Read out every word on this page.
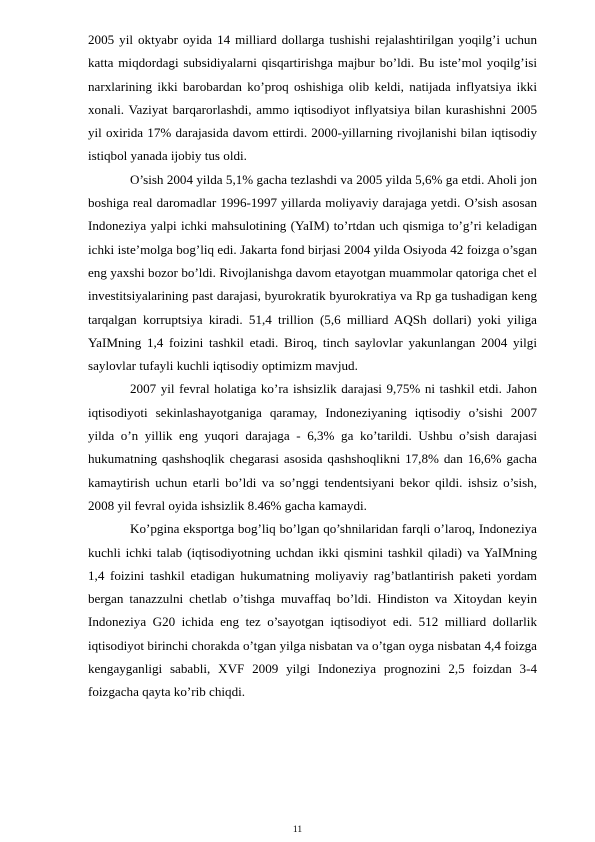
2005 yil oktyabr oyida 14 milliard dollarga tushishi rejalashtirilgan yoqilg’i uchun katta miqdordagi subsidiyalarni qisqartirishga majbur bo’ldi. Bu iste’mol yoqilg’isi narxlarining ikki barobardan ko’proq oshishiga olib keldi, natijada inflyatsiya ikki xonali. Vaziyat barqarorlashdi, ammo iqtisodiyot inflyatsiya bilan kurashishni 2005 yil oxirida 17% darajasida davom ettirdi. 2000-yillarning rivojlanishi bilan iqtisodiy istiqbol yanada ijobiy tus oldi.

O’sish 2004 yilda 5,1% gacha tezlashdi va 2005 yilda 5,6% ga etdi. Aholi jon boshiga real daromadlar 1996-1997 yillarda moliyaviy darajaga yetdi. O’sish asosan Indoneziya yalpi ichki mahsulotining (YaIM) to’rtdan uch qismiga to’g’ri keladigan ichki iste’molga bog’liq edi. Jakarta fond birjasi 2004 yilda Osiyoda 42 foizga o’sgan eng yaxshi bozor bo’ldi. Rivojlanishga davom etayotgan muammolar qatoriga chet el investitsiyalarining past darajasi, byurokratik byurokratiya va Rp ga tushadigan keng tarqalgan korruptsiya kiradi. 51,4 trillion (5,6 milliard AQSh dollari) yoki yiliga YaIMning 1,4 foizini tashkil etadi. Biroq, tinch saylovlar yakunlangan 2004 yilgi saylovlar tufayli kuchli iqtisodiy optimizm mavjud.

2007 yil fevral holatiga ko’ra ishsizlik darajasi 9,75% ni tashkil etdi. Jahon iqtisodiyoti sekinlashayotganiga qaramay, Indoneziyaning iqtisodiy o’sishi 2007 yilda o’n yillik eng yuqori darajaga - 6,3% ga ko’tarildi. Ushbu o’sish darajasi hukumatning qashshoqlik chegarasi asosida qashshoqlikni 17,8% dan 16,6% gacha kamaytirish uchun etarli bo’ldi va so’nggi tendentsiyani bekor qildi. ishsiz o’sish, 2008 yil fevral oyida ishsizlik 8.46% gacha kamaydi.

Ko’pgina eksportga bog’liq bo’lgan qo’shnilaridan farqli o’laroq, Indoneziya kuchli ichki talab (iqtisodiyotning uchdan ikki qismini tashkil qiladi) va YaIMning 1,4 foizini tashkil etadigan hukumatning moliyaviy rag’batlantirish paketi yordam bergan tanazzulni chetlab o’tishga muvaffaq bo’ldi. Hindiston va Xitoydan keyin Indoneziya G20 ichida eng tez o’sayotgan iqtisodiyot edi. 512 milliard dollarlik iqtisodiyot birinchi chorakda o’tgan yilga nisbatan va o’tgan oyga nisbatan 4,4 foizga kengayganligi sababli, XVF 2009 yilgi Indoneziya prognozini 2,5 foizdan 3-4 foizgacha qayta ko’rib chiqdi.

11
